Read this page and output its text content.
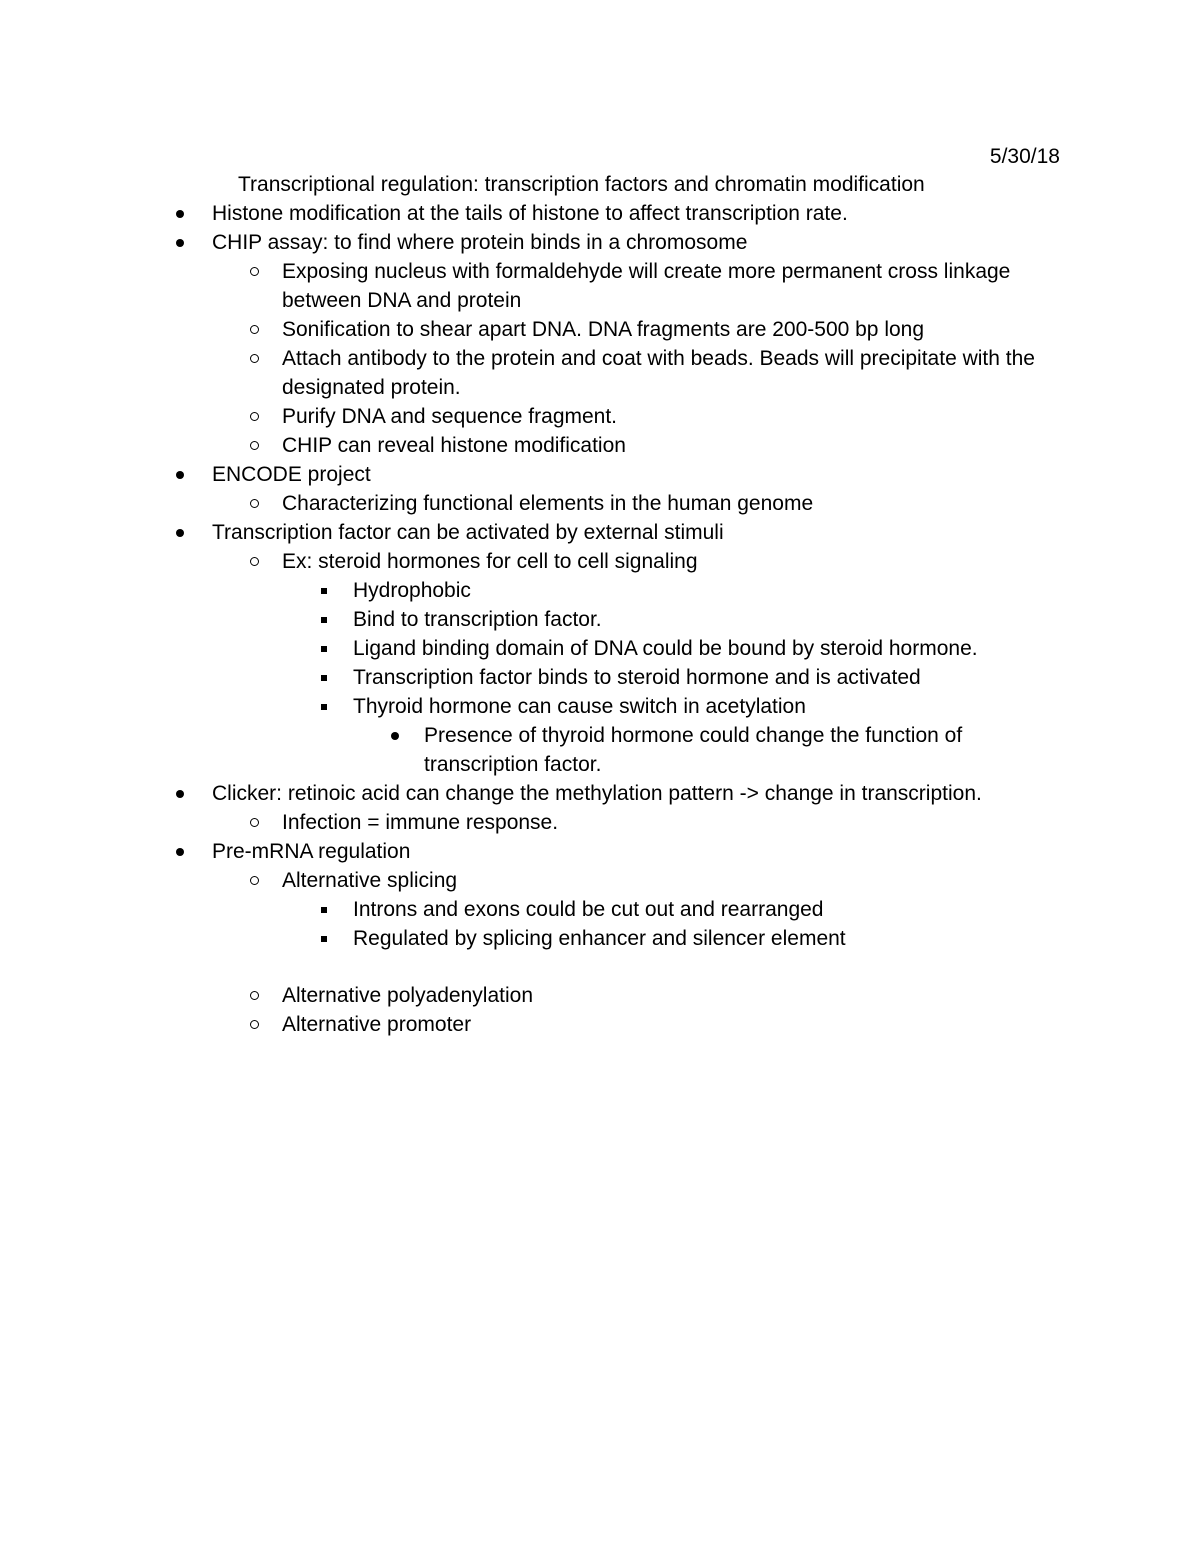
5/30/18
Transcriptional regulation: transcription factors and chromatin modification
Histone modification at the tails of histone to affect transcription rate.
CHIP assay: to find where protein binds in a chromosome
Exposing nucleus with formaldehyde will create more permanent cross linkage between DNA and protein
Sonification to shear apart DNA. DNA fragments are 200-500 bp long
Attach antibody to the protein and coat with beads. Beads will precipitate with the designated protein.
Purify DNA and sequence fragment.
CHIP can reveal histone modification
ENCODE project
Characterizing functional elements in the human genome
Transcription factor can be activated by external stimuli
Ex: steroid hormones for cell to cell signaling
Hydrophobic
Bind to transcription factor.
Ligand binding domain of DNA could be bound by steroid hormone.
Transcription factor binds to steroid hormone and is activated
Thyroid hormone can cause switch in acetylation
Presence of thyroid hormone could change the function of transcription factor.
Clicker: retinoic acid can change the methylation pattern -> change in transcription.
Infection = immune response.
Pre-mRNA regulation
Alternative splicing
Introns and exons could be cut out and rearranged
Regulated by splicing enhancer and silencer element
Alternative polyadenylation
Alternative promoter
